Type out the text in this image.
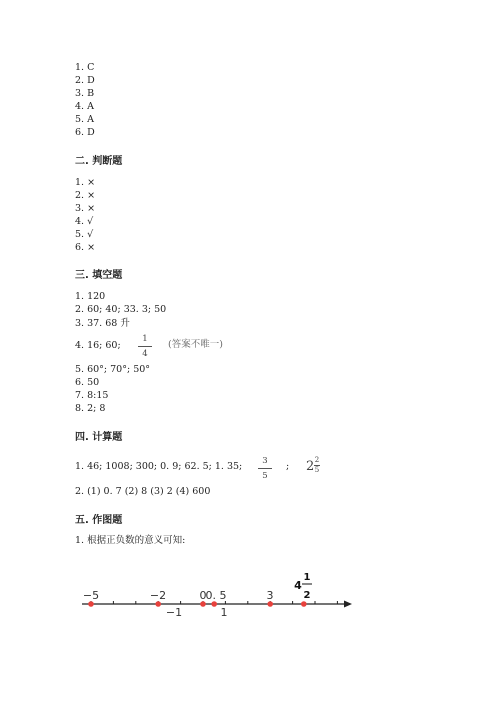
1. C
2. D
3. B
4. A
5. A
6. D
二. 判断题
1. ×
2. ×
3. ×
4. √
5. √
6. ×
三. 填空题
1. 120
2. 60; 40; 33. 3; 50
3. 37. 68 升
4. 16; 60;
1
4
(答案不唯一)
5. 60°; 70°; 50°
6. 50
7. 8:15
8. 2; 8
四. 计算题
1. 46; 1008; 300; 0. 9; 62. 5; 1. 35;	3
5
; 2 2
5
2. (1) 0. 7 (2) 8 (3) 2 (4) 600
五. 作图题
1. 根据正负数的意义可知:
−5	−2	0 0. 5	3
−1	1
4
1
2
